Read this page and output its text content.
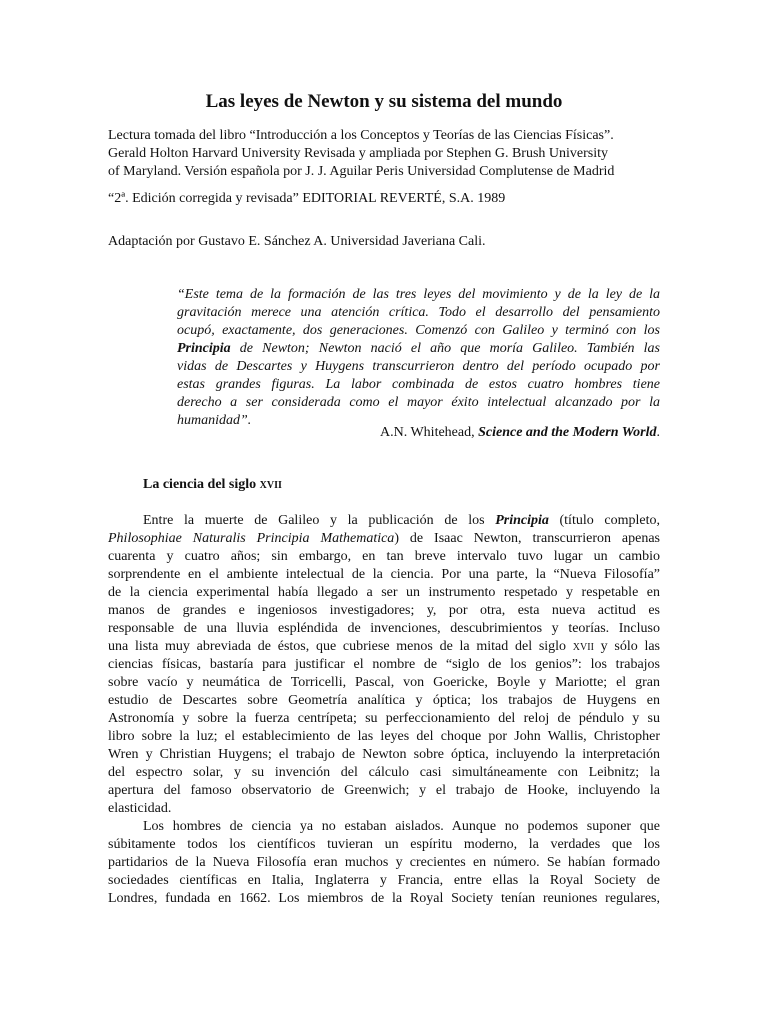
Las leyes de Newton y su sistema del mundo

Lectura tomada del libro “Introducción a los Conceptos y Teorías de las Ciencias Físicas”.

Gerald Holton Harvard University Revisada y ampliada por Stephen G. Brush University

of Maryland. Versión española por J. J. Aguilar Peris Universidad Complutense de Madrid

“2ª. Edición corregida y revisada” EDITORIAL REVERTÉ, S.A. 1989

Adaptación por Gustavo E. Sánchez A. Universidad Javeriana Cali.

“Este tema de la formación de las tres leyes del movimiento y de la ley de la
gravitación merece una atención crítica. Todo el desarrollo del pensamiento
ocupó, exactamente, dos generaciones. Comenzó con Galileo y terminó con los
Principia de Newton; Newton nació el año que moría Galileo. También las
vidas de Descartes y Huygens transcurrieron dentro del período ocupado por
estas grandes figuras. La labor combinada de estos cuatro hombres tiene
derecho a ser considerada como el mayor éxito intelectual alcanzado por la
humanidad”.

A.N. Whitehead, Science and the Modern World.

La ciencia del siglo XVII

Entre la muerte de Galileo y la publicación de los Principia (título completo,
Philosophiae Naturalis Principia Mathematica) de Isaac Newton, transcurrieron apenas
cuarenta y cuatro años; sin embargo, en tan breve intervalo tuvo lugar un cambio
sorprendente en el ambiente intelectual de la ciencia. Por una parte, la “Nueva Filosofía”
de la ciencia experimental había llegado a ser un instrumento respetado y respetable en
manos de grandes e ingeniosos investigadores; y, por otra, esta nueva actitud es
responsable de una lluvia espléndida de invenciones, descubrimientos y teorías. Incluso
una lista muy abreviada de éstos, que cubriese menos de la mitad del siglo XVII y sólo las
ciencias físicas, bastaría para justificar el nombre de “siglo de los genios”: los trabajos
sobre vacío y neumática de Torricelli, Pascal, von Goericke, Boyle y Mariotte; el gran
estudio de Descartes sobre Geometría analítica y óptica; los trabajos de Huygens en
Astronomía y sobre la fuerza centrípeta; su perfeccionamiento del reloj de péndulo y su
libro sobre la luz; el establecimiento de las leyes del choque por John Wallis, Christopher
Wren y Christian Huygens; el trabajo de Newton sobre óptica, incluyendo la interpretación
del espectro solar, y su invención del cálculo casi simultáneamente con Leibnitz; la
apertura del famoso observatorio de Greenwich; y el trabajo de Hooke, incluyendo la
elasticidad.
Los hombres de ciencia ya no estaban aislados. Aunque no podemos suponer que
súbitamente todos los científicos tuvieran un espíritu moderno, la verdades que los
partidarios de la Nueva Filosofía eran muchos y crecientes en número. Se habían formado
sociedades científicas en Italia, Inglaterra y Francia, entre ellas la Royal Society de
Londres, fundada en 1662. Los miembros de la Royal Society tenían reuniones regulares,
